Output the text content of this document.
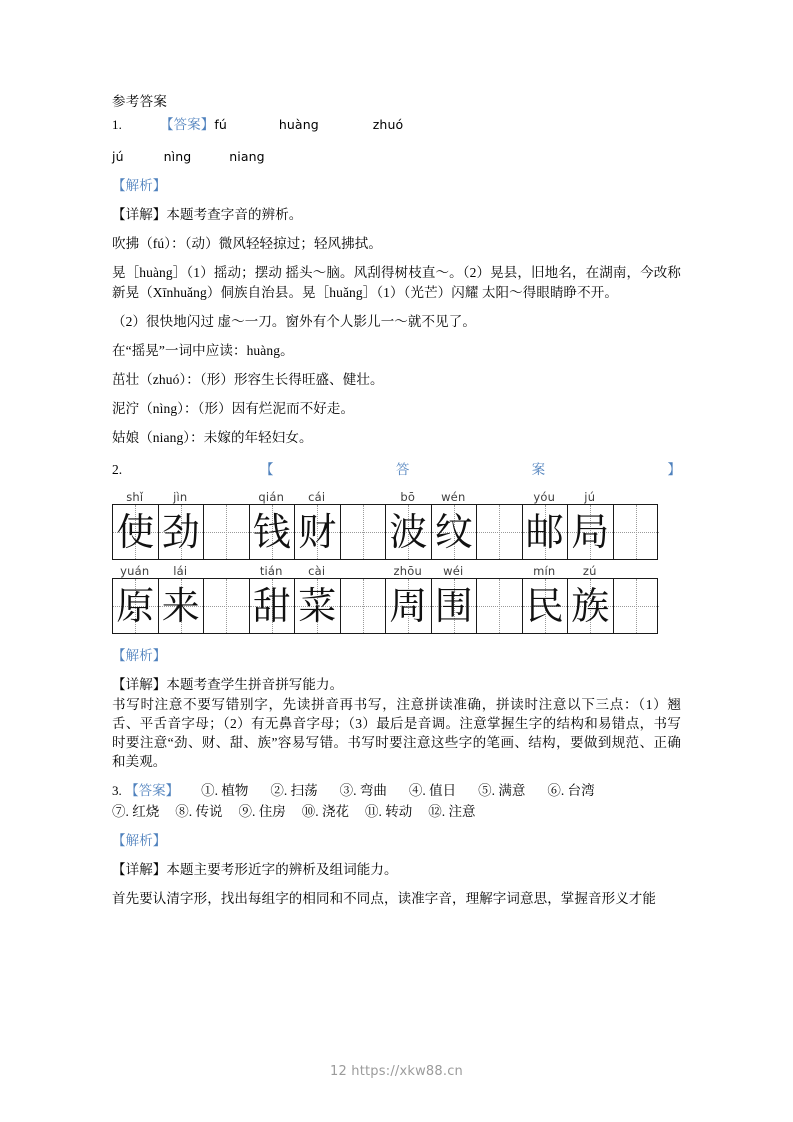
参考答案
1.	【答案】fú	huàng	zhuó
jú	nìng	niang
【解析】
【详解】本题考查字音的辨析。
吹拂（fú）：（动）微风轻轻掠过；轻风拂拭。
晃［huàng］（1）摇动；摆动 摇头～脑。风刮得树枝直～。（2）晃县，旧地名，在湖南，今改称新晃（Xīnhuǎng）侗族自治县。晃［huǎng］（1）（光芒）闪耀 太阳～得眼睛睁不开。
（2）很快地闪过 虚～一刀。窗外有个人影儿一～就不见了。
在“摇晃”一词中应读：huàng。
茁壮（zhuó）：（形）形容生长得旺盛、健壮。
泥泞（nìng）：（形）因有烂泥而不好走。
姑娘（niang）：未嫁的年轻妇女。
2.	【	答	案	】
shǐ	jìn	qián	cái	bō	wén	yóu	jú
使 劲 钱 财 波 纹 邮 局
yuán	lái	tián	cài	zhōu	wéi	mín	zú
原 来 甜 菜 周 围 民 族
【解析】
【详解】本题考查学生拼音拼写能力。
书写时注意不要写错别字，先读拼音再书写，注意拼读准确，拼读时注意以下三点：（1）翘舌、平舌音字母；（2）有无鼻音字母；（3）最后是音调。注意掌握生字的结构和易错点，书写时要注意“劲、财、甜、族”容易写错。书写时要注意这些字的笔画、结构，要做到规范、正确和美观。
3. 【答案】 ①. 植物 ②. 扫荡 ③. 弯曲 ④. 值日 ⑤. 满意 ⑥. 台湾
⑦. 红烧 ⑧. 传说 ⑨. 住房 ⑩. 浇花 ⑪. 转动 ⑫. 注意
【解析】
【详解】本题主要考形近字的辨析及组词能力。
首先要认清字形，找出每组字的相同和不同点，读准字音，理解字词意思，掌握音形义才能
12 https://xkw88.cn
